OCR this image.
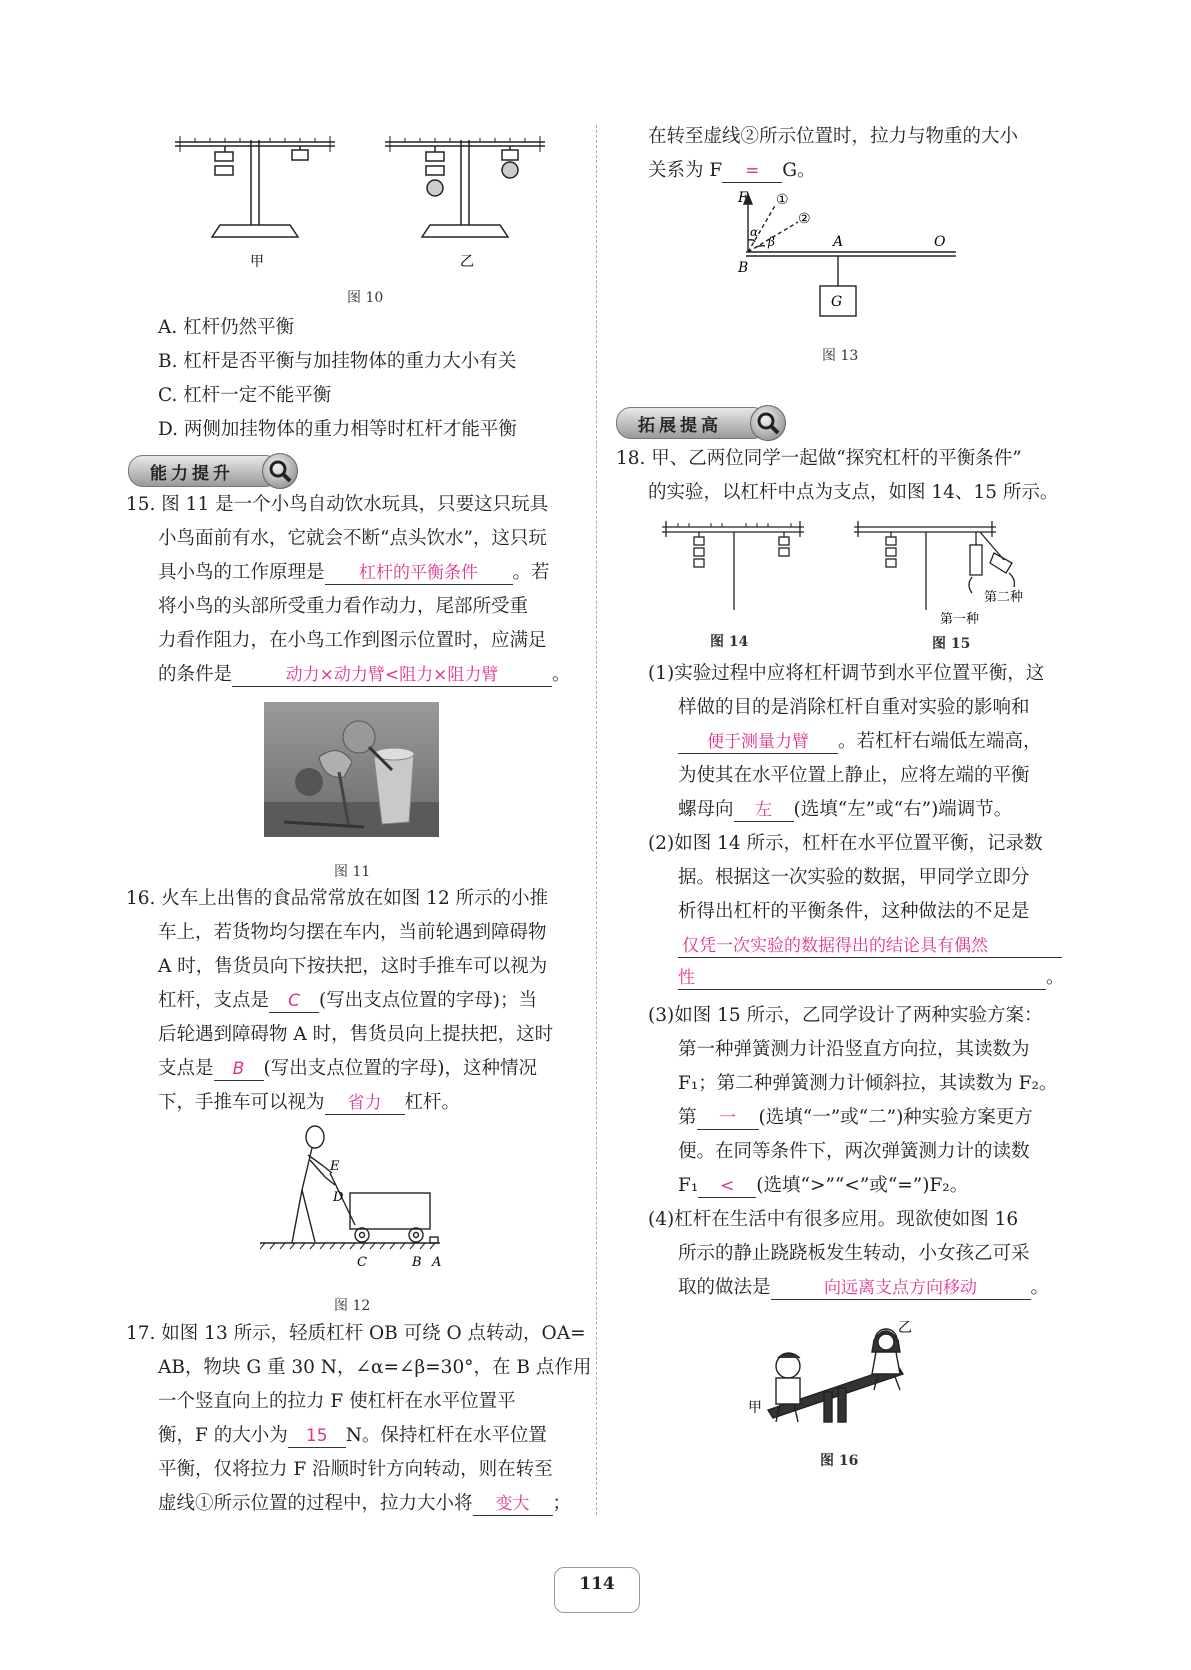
甲	乙
图 10
A. 杠杆仍然平衡
B. 杠杆是否平衡与加挂物体的重力大小有关
C. 杠杆一定不能平衡
D. 两侧加挂物体的重力相等时杠杆才能平衡
能力提升
15. 图 11 是一个小鸟自动饮水玩具，只要这只玩具
小鸟面前有水，它就会不断“点头饮水”，这只玩
具小鸟的工作原理是 杠杆的平衡条件 。若
将小鸟的头部所受重力看作动力，尾部所受重
力看作阻力，在小鸟工作到图示位置时，应满足
的条件是	动力×动力臂<阻力×阻力臂	。
图 11
16. 火车上出售的食品常常放在如图 12 所示的小推
车上，若货物均匀摆在车内，当前轮遇到障碍物
A 时，售货员向下按扶把，这时手推车可以视为
杠杆，支点是 C (写出支点位置的字母)；当
后轮遇到障碍物 A 时，售货员向上提扶把，这时
支点是 B (写出支点位置的字母)，这种情况
下，手推车可以视为 省力 杠杆。
E
D
C	B A
图 12
17. 如图 13 所示，轻质杠杆 OB 可绕 O 点转动，OA=
AB，物块 G 重 30 N，∠α=∠β=30°，在 B 点作用
一个竖直向上的拉力 F 使杠杆在水平位置平
衡，F 的大小为 15 N。保持杠杆在水平位置
平衡，仅将拉力 F 沿顺时针方向转动，则在转至
虚线①所示位置的过程中，拉力大小将 变大 ；
在转至虚线②所示位置时，拉力与物重的大小
关系为 F = G。
F ①
②
α
β	A	O
B
G
图 13
拓展提高
18. 甲、乙两位同学一起做“探究杠杆的平衡条件”
的实验，以杠杆中点为支点，如图 14、15 所示。
第二种
第一种
图 14	图 15
(1)实验过程中应将杠杆调节到水平位置平衡，这
样做的目的是消除杠杆自重对实验的影响和
便于测量力臂 。若杠杆右端低左端高，
为使其在水平位置上静止，应将左端的平衡
螺母向 左 (选填“左”或“右”)端调节。
(2)如图 14 所示，杠杆在水平位置平衡，记录数
据。根据这一次实验的数据，甲同学立即分
析得出杠杆的平衡条件，这种做法的不足是
仅凭一次实验的数据得出的结论具有偶然
性	。
(3)如图 15 所示，乙同学设计了两种实验方案：
第一种弹簧测力计沿竖直方向拉，其读数为
F₁；第二种弹簧测力计倾斜拉，其读数为 F₂。
第 一 (选填“一”或“二”)种实验方案更方
便。在同等条件下，两次弹簧测力计的读数
F₁ < (选填“>”“<”或“=”)F₂。
(4)杠杆在生活中有很多应用。现欲使如图 16
所示的静止跷跷板发生转动，小女孩乙可采
取的做法是	向远离支点方向移动	。
甲
乙
图 16
114
